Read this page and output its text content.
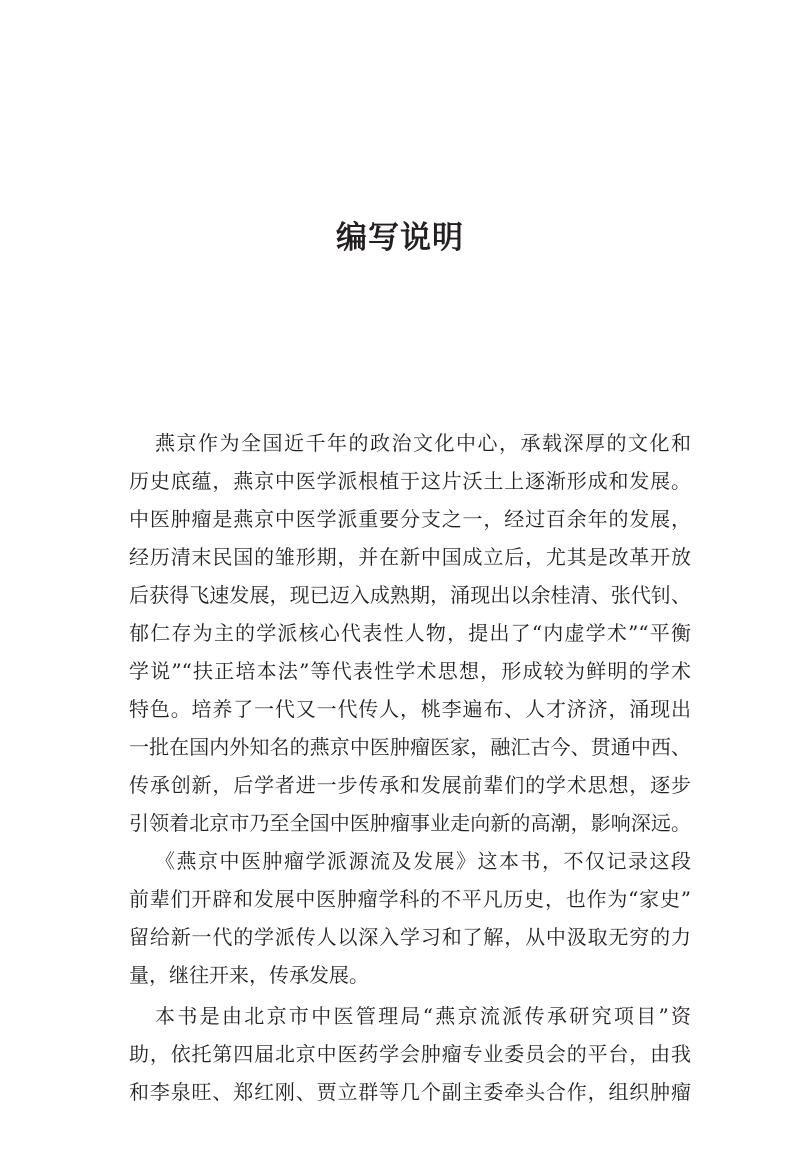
编写说明
燕京作为全国近千年的政治文化中心，承载深厚的文化和
历史底蕴，燕京中医学派根植于这片沃土上逐渐形成和发展。
中医肿瘤是燕京中医学派重要分支之一，经过百余年的发展，
经历清末民国的雏形期，并在新中国成立后，尤其是改革开放
后获得飞速发展，现已迈入成熟期，涌现出以余桂清、张代钊、
郁仁存为主的学派核心代表性人物，提出了“内虚学术”“平衡
学说”“扶正培本法”等代表性学术思想，形成较为鲜明的学术
特色。培养了一代又一代传人，桃李遍布、人才济济，涌现出
一批在国内外知名的燕京中医肿瘤医家，融汇古今、贯通中西、
传承创新，后学者进一步传承和发展前辈们的学术思想，逐步
引领着北京市乃至全国中医肿瘤事业走向新的高潮，影响深远。
《燕京中医肿瘤学派源流及发展》这本书，不仅记录这段
前辈们开辟和发展中医肿瘤学科的不平凡历史，也作为“家史”
留给新一代的学派传人以深入学习和了解，从中汲取无穷的力
量，继往开来，传承发展。
本书是由北京市中医管理局“燕京流派传承研究项目”资
助，依托第四届北京中医药学会肿瘤专业委员会的平台，由我
和李泉旺、郑红刚、贾立群等几个副主委牵头合作，组织肿瘤
